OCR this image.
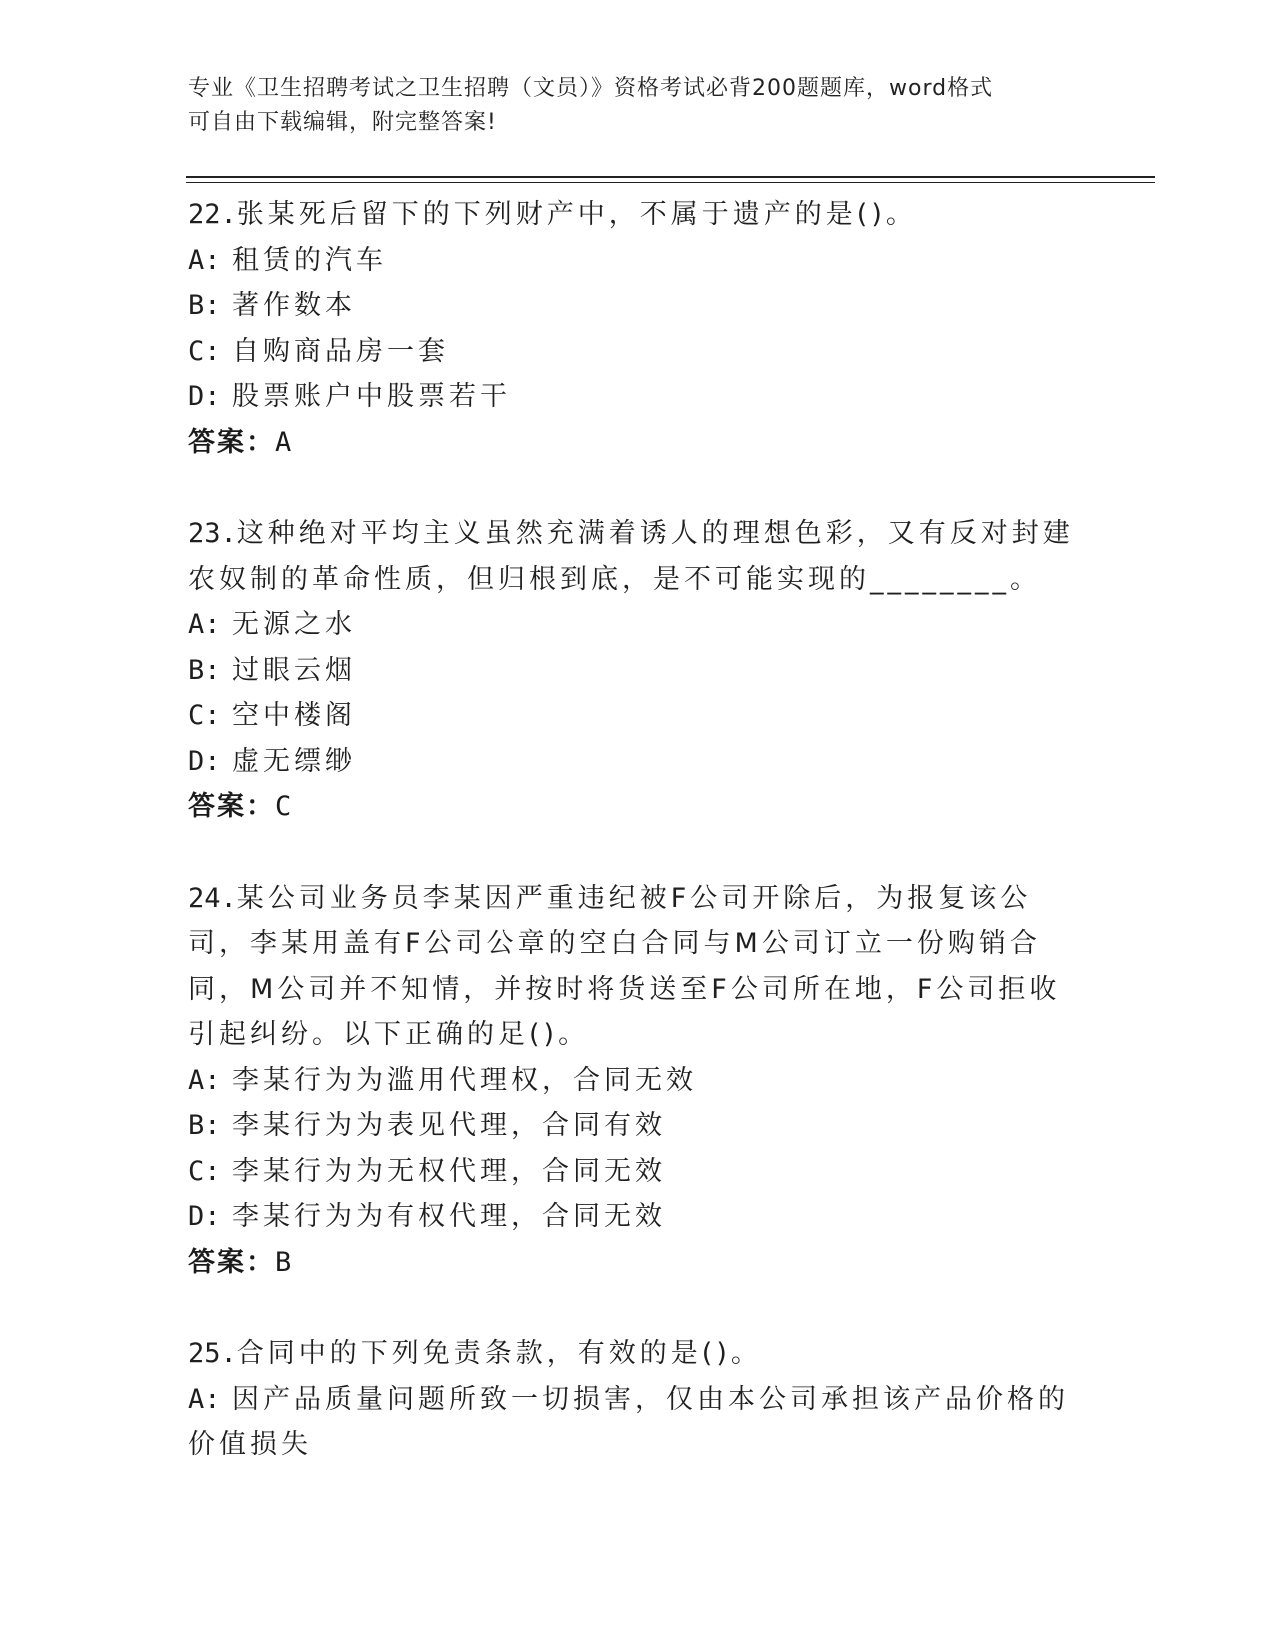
专业《卫生招聘考试之卫生招聘（文员）》资格考试必背200题题库，word格式
可自由下载编辑，附完整答案!
22.张某死后留下的下列财产中，不属于遗产的是()。
A: 租赁的汽车
B: 著作数本
C: 自购商品房一套
D: 股票账户中股票若干
答案：A
23.这种绝对平均主义虽然充满着诱人的理想色彩，又有反对封建农奴制的革命性质，但归根到底，是不可能实现的________。
A: 无源之水
B: 过眼云烟
C: 空中楼阁
D: 虚无缥缈
答案：C
24.某公司业务员李某因严重违纪被F公司开除后，为报复该公司，李某用盖有F公司公章的空白合同与M公司订立一份购销合同，M公司并不知情，并按时将货送至F公司所在地，F公司拒收引起纠纷。以下正确的足()。
A: 李某行为为滥用代理权，合同无效
B: 李某行为为表见代理，合同有效
C: 李某行为为无权代理，合同无效
D: 李某行为为有权代理，合同无效
答案：B
25.合同中的下列免责条款，有效的是()。
A: 因产品质量问题所致一切损害，仅由本公司承担该产品价格的价值损失
